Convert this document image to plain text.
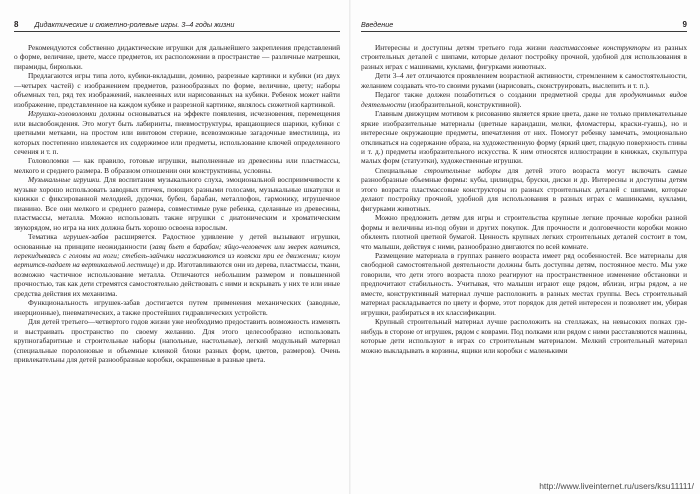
8 Дидактические и сюжетно-ролевые игры. 3–4 годы жизни

Рекомендуются собственно дидактические игрушки для дальнейшего закрепления представлений о форме, величине, цвете, массе предметов, их расположении в пространстве — различные матрешки, пирамиды, бирюльки.

Предлагаются игры типа лото, кубики-вкладыши, домино, разрезные картинки и кубики (из двух—четырех частей) с изображением предметов, разнообразных по форме, величине, цвету; наборы объемных тел, ряд тех изображений, наклеенных или нарисованных на кубики. Ребенок может найти изображение, представленное на каждом кубике и разрезной картинке, являлось сюжетной картинкой.

Игрушки-головоломки должны основываться на эффекте появления, исчезновения, перемещения или высвобождения. Это могут быть лабиринты, пневмоструктуры, вращающиеся шарики, кубики с цветными метками, на простом или винтовом стержне, всевозможные загадочные вместилища, из которых постепенно извлекается их содержимое или предметы, использование ключей определенного сечения и т. п.

Головоломки — как правило, готовые игрушки, выполненные из древесины или пластмассы, мелкого и среднего размера. В образном отношении они конструктивны, условны.

Музыкальные игрушки. Для воспитания музыкального слуха, эмоциональной восприимчивости к музыке хорошо использовать заводных птичек, поющих разными голосами, музыкальные шкатулки и книжки с фиксированной мелодией, дудочки, бубен, барабан, металлофон, гармонику, игрушечное пианино. Все они мелкого и среднего размера, совместимые руке ребенка, сделанные из древесины, пластмассы, металла. Можно использовать также игрушки с диатоническим и хроматическим звукорядом, но игра на них должна быть хорошо освоена взрослым.

Тематика игрушек-забав расширяется. Радостное удивление у детей вызывают игрушки, основанные на принципе неожиданности (заяц бьет в барабан; яйцо-человечек или зверек катится, перекидываясь с головы на ноги; стебель-зайчики насаживаются из коляски при ее движении; клоун вертится-падает на вертикальной лестнице) и др. Изготавливаются они из дерева, пластмассы, ткани, возможно частичное использование металла. Отличаются небольшим размером и повышенной прочностью, так как дети стремятся самостоятельно действовать с ними и вскрывать у них те или иные средства действия их механизма.

Функциональность игрушек-забав достигается путем применения механических (заводные, инерционные), пневматических, а также простейших гидравлических устройств.

Для детей третьего—четвертого годов жизни уже необходимо предоставить возможность изменять и выстраивать пространство по своему желанию. Для этого целесообразно использовать крупногабаритные и строительные наборы (напольные, настольные), легкий модульный материал (специальные поролоновые и объемные кленкой блоки разных форм, цветов, размеров). Очень привлекательны для детей разнообразные коробки, окрашенные в разные цвета.

Введение	9

Интересны и доступны детям третьего года жизни пластмассовые конструкторы из разных строительных деталей с шипами, которые делают постройку прочной, удобной для использования в разных играх с машинами, куклами, фигурками животных.

Дети 3–4 лет отличаются проявлением возрастной активности, стремлением к самостоятельности, желанием создавать что-то своими руками (нарисовать, сконструировать, выслепить и т. п.).

Педагог также должен позаботиться о создании предметной среды для продуктивных видов деятельности (изобразительной, конструктивной).

Главным движущим мотивом к рисованию является яркие цвета, даже не только привлекательные яркие изобразительные материалы (цветные карандаши, мелки, фломастеры, краски-гуашь), но и интересные окружающие предметы, впечатления от них. Помогут ребенку замечать, эмоционально откликаться на содержание образа, на художественную форму (яркий цвет, гладкую поверхность глины и т. д.) предметы изобразительного искусства. К ним относятся иллюстрации в книжках, скульптура малых форм (статуэтки), художественные игрушки.

Специальные строительные наборы для детей этого возраста могут включать самые разнообразные объемные формы: кубы, цилиндры, бруски, диски и др. Интересны и доступны детям этого возраста пластмассовые конструкторы из разных строительных деталей с шипами, которые делают постройку прочной, удобной для использования в разных играх с машинками, куклами, фигурками животных.

Можно предложить детям для игры и строительства крупные легкие прочные коробки разной формы и величины из-под обуви и других покупок. Для прочности и долговечности коробки можно обклеить плотной цветной бумагой. Ценность крупных легких строительных деталей состоит в том, что малыши, действуя с ними, разнообразно двигаются по всей комнате.

Размещение материала в группах раннего возраста имеет ряд особенностей. Все материалы для свободной самостоятельной деятельности должны быть доступны детям, постоянное место. Мы уже говорили, что дети этого возраста плохо реагируют на пространственное изменение обстановки и предпочитают стабильность. Учитывая, что малыши играют еще рядом, вблизи, игры рядом, а не вместе, конструктивный материал лучше расположить в разных местах группы. Весь строительный материал раскладывается по цвету и форме, этот порядок для детей интересен и позволяет им, убирая игрушки, разбираться в их классификации.

Крупный строительный материал лучше расположить на стеллажах, на невысоких полках где-нибудь в стороне от игрушек, рядом с коврами. Под полками или рядом с ними расставляются машины, которые дети используют в играх со строительным материалом. Мелкий строительный материал можно выкладывать в корзины, ящики или коробки с маленькими

http://www.liveinternet.ru/users/ksu11111/
